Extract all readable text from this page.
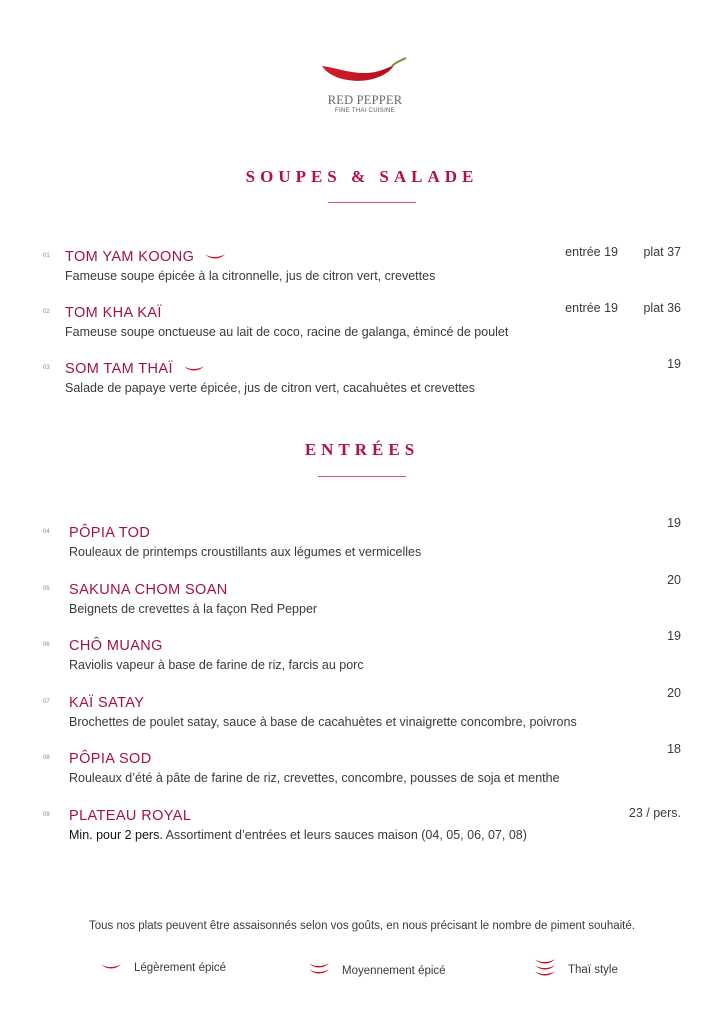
RED PEPPER
FINE THAI CUISINE
SOUPES & SALADE
01 TOM YAM KOONG
Fameuse soupe épicée à la citronnelle, jus de citron vert, crevettes
entrée 19 plat 37
02 TOM KHA KAÏ
Fameuse soupe onctueuse au lait de coco, racine de galanga, émincé de poulet
entrée 19 plat 36
03 SOM TAM THAÏ
Salade de papaye verte épicée, jus de citron vert, cacahuètes et crevettes
19
ENTRÉES
04 PÔPIA TOD
Rouleaux de printemps croustillants aux légumes et vermicelles
19
05 SAKUNA CHOM SOAN
Beignets de crevettes à la façon Red Pepper
20
06 CHÔ MUANG
Raviolis vapeur à base de farine de riz, farcis au porc
19
07 KAÏ SATAY
Brochettes de poulet satay, sauce à base de cacahuètes et vinaigrette concombre, poivrons
20
08 PÔPIA SOD
Rouleaux d’été à pâte de farine de riz, crevettes, concombre, pousses de soja et menthe
18
09 PLATEAU ROYAL
Min. pour 2 pers. Assortiment d’entrées et leurs sauces maison (04, 05, 06, 07, 08)
23 / pers.
Tous nos plats peuvent être assaisonnés selon vos goûts, en nous précisant le nombre de piment souhaité.
Légèrement épicé	Moyennement épicé	Thaï style
